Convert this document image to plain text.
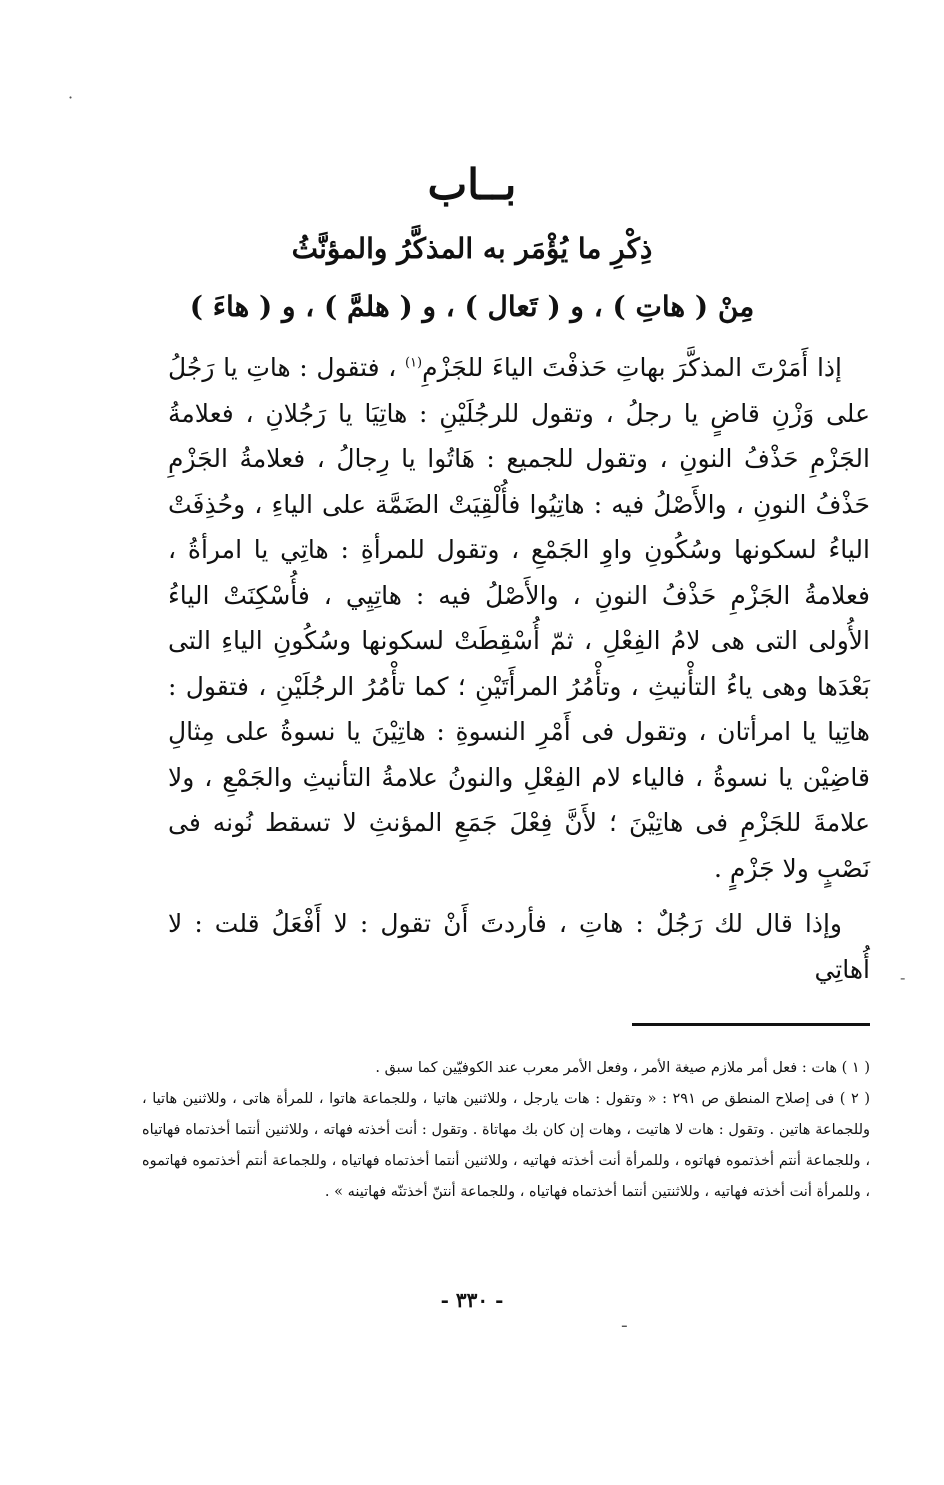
·
بــاب
ذِكْرِ ما يُؤْمَر به المذكَّرُ والمؤنَّثُ
مِنْ ( هاتِ ) ، و ( تَعال ) ، و ( هلمَّ ) ، و ( هاءَ )

إذا أَمَرْتَ المذكَّرَ بهاتِ حَذفْتَ الياءَ للجَزْمِ$^{(١)}$ ، فتقول : هاتِ يا رَجُلُ على وَزْنِ قاضٍ يا رجلُ ، وتقول للرجُلَيْنِ : هاتِيَا يا رَجُلانِ ، فعلامةُ الجَزْمِ حَذْفُ النونِ ، وتقول للجميع : هَاتُوا يا رِجالُ ، فعلامةُ الجَزْمِ حَذْفُ النونِ ، والأَصْلُ فيه : هاتِيُوا فأُلْقِيَتْ الضَمَّة على الياءِ ، وحُذِفَتْ الياءُ لسكونها وسُكُونِ واوِ الجَمْعِ ، وتقول للمرأةِ : هاتِي يا امرأةُ ، فعلامةُ الجَزْمِ حَذْفُ النونِ ، والأَصْلُ فيه : هاتِيِي ، فأُسْكِنَتْ الياءُ الأُولى التى هى لامُ الفِعْلِ ، ثمّ أُسْقِطَتْ لسكونها وسُكُونِ الياءِ التى بَعْدَها وهى ياءُ التأْنيثِ ، وتأْمُرُ المرأَتَيْنِ ؛ كما تأْمُرُ الرجُلَيْنِ ، فتقول : هاتِيا يا امرأتان ، وتقول فى أَمْرِ النسوةِ : هاتِيْنَ يا نسوةُ على مِثالِ قاضِيْن يا نسوةُ ، فالياء لام الفِعْلِ والنونُ علامةُ التأنيثِ والجَمْعِ ، ولا علامةَ للجَزْمِ فى هاتِيْنَ ؛ لأَنَّ فِعْلَ جَمَعِ المؤنثِ لا تسقط نُونه فى نَصْبٍ ولا جَزْمٍ .

وإذا قال لك رَجُلٌ : هاتِ ، فأردتَ أَنْ تقول : لا أَفْعَلُ قلت : لا أُهاتِي -

( ١ ) هات : فعل أمر ملازم صيغة الأمر ، وفعل الأمر معرب عند الكوفيّين كما سبق .

( ٢ ) فى إصلاح المنطق ص ٢٩١ : « وتقول : هات يارجل ، وللاثنين هاتيا ، وللجماعة هاتوا ، للمرأة هاتى ، وللاثنين هاتيا ، وللجماعة هاتين . وتقول : هات لا هاتيت ، وهات إن كان بك مهاتاة . وتقول : أنت أخذته فهاته ، وللاثنين أنتما أخذتماه فهاتياه ، وللجماعة أنتم أخذتموه فهاتوه ، وللمرأة أنت أخذته فهاتيه ، وللاثنين أنتما أخذتماه فهاتياه ، وللجماعة أنتم أخذتموه فهاتموه ، وللمرأة أنت أخذته فهاتيه ، وللاثنتين أنتما أخذتماه فهاتياه ، وللجماعة أنتنّ أخذتنّه فهاتينه » .

- ٣٣٠ -
ـ
